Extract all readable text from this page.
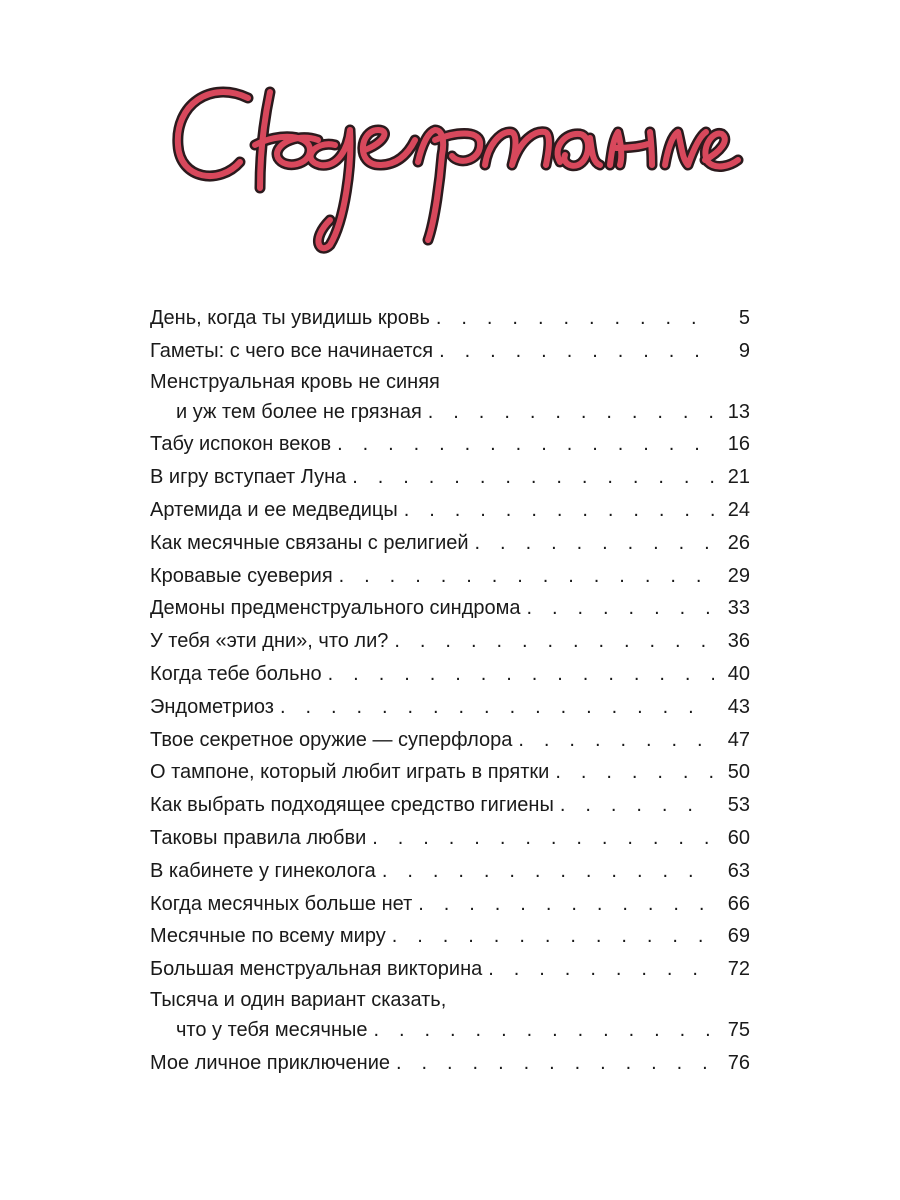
День, когда ты увидишь кровь . . .	5
Гаметы: с чего все начинается . . .	9
Менструальная кровь не синяя
и уж тем более не грязная . . .	13
Табу испокон веков . . .	16
В игру вступает Луна . . .	21
Артемида и ее медведицы . . .	24
Как месячные связаны с религией . . .	26
Кровавые суеверия . . .	29
Демоны предменструального синдрома . . .	33
У тебя «эти дни», что ли? . . .	36
Когда тебе больно . . .	40
Эндометриоз . . .	43
Твое секретное оружие — суперфлора . . .	47
О тампоне, который любит играть в прятки . . .	50
Как выбрать подходящее средство гигиены . . .	53
Таковы правила любви . . .	60
В кабинете у гинеколога . . .	63
Когда месячных больше нет . . .	66
Месячные по всему миру . . .	69
Большая менструальная викторина . . .	72
Тысяча и один вариант сказать,
что у тебя месячные . . .	75
Мое личное приключение . . .	76
